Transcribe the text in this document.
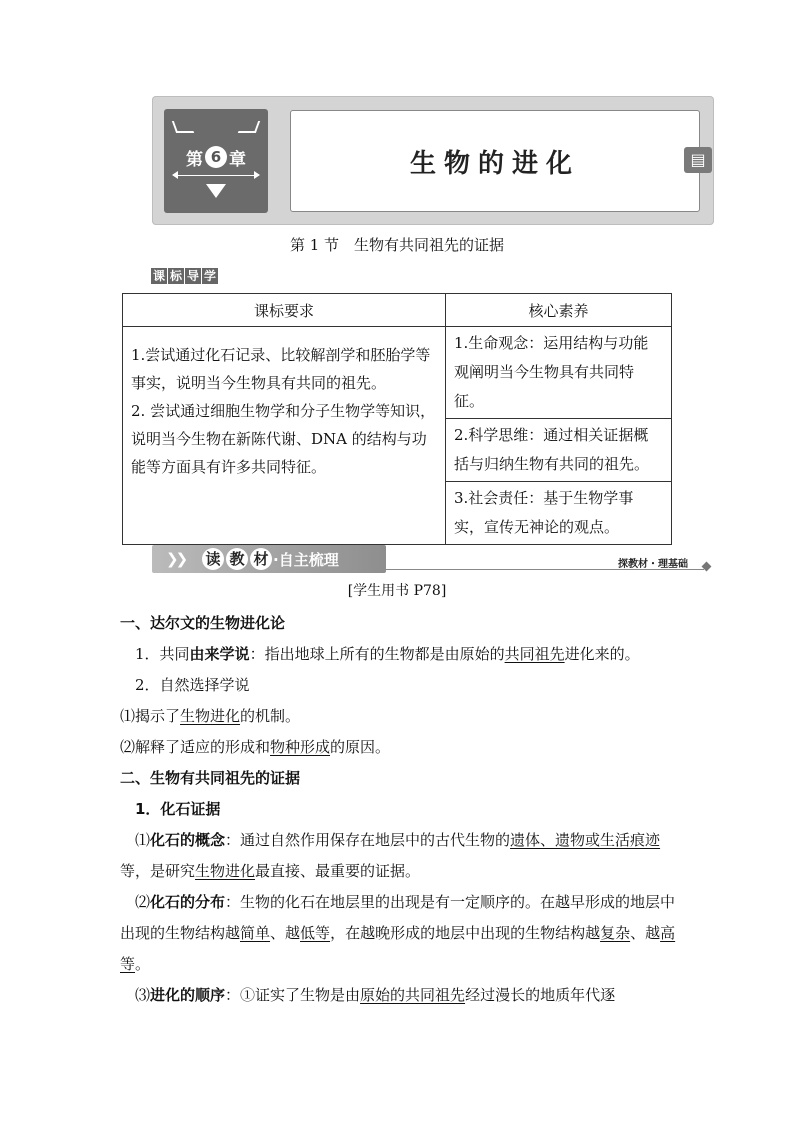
第 6 章	生物的进化	▤
第 1 节　生物有共同祖先的证据
课 标 导 学
课标要求	核心素养

1.尝试通过化石记录、比较解剖学和胚胎学等事实，说明当今生物具有共同的祖先。
2. 尝试通过细胞生物学和分子生物学等知识，说明当今生物在新陈代谢、DNA 的结构与功能等方面具有许多共同特征。	1.生命观念：运用结构与功能观阐明当今生物具有共同特征。
	2.科学思维：通过相关证据概括与归纳生物有共同的祖先。
	3.社会责任：基于生物学事实，宣传无神论的观点。
❯❯ 读 教 材 ·自主梳理	探教材・理基础
[学生用书 P78]

一、达尔文的生物进化论

1．共同由来学说：指出地球上所有的生物都是由原始的共同祖先进化来的。

2．自然选择学说

⑴揭示了生物进化的机制。

⑵解释了适应的形成和物种形成的原因。

二、生物有共同祖先的证据

1．化石证据

⑴化石的概念：通过自然作用保存在地层中的古代生物的遗体、遗物或生活痕迹等，是研究生物进化最直接、最重要的证据。

⑵化石的分布：生物的化石在地层里的出现是有一定顺序的。在越早形成的地层中出现的生物结构越简单、越低等，在越晚形成的地层中出现的生物结构越复杂、越高等。

⑶进化的顺序：①证实了生物是由原始的共同祖先经过漫长的地质年代逐
